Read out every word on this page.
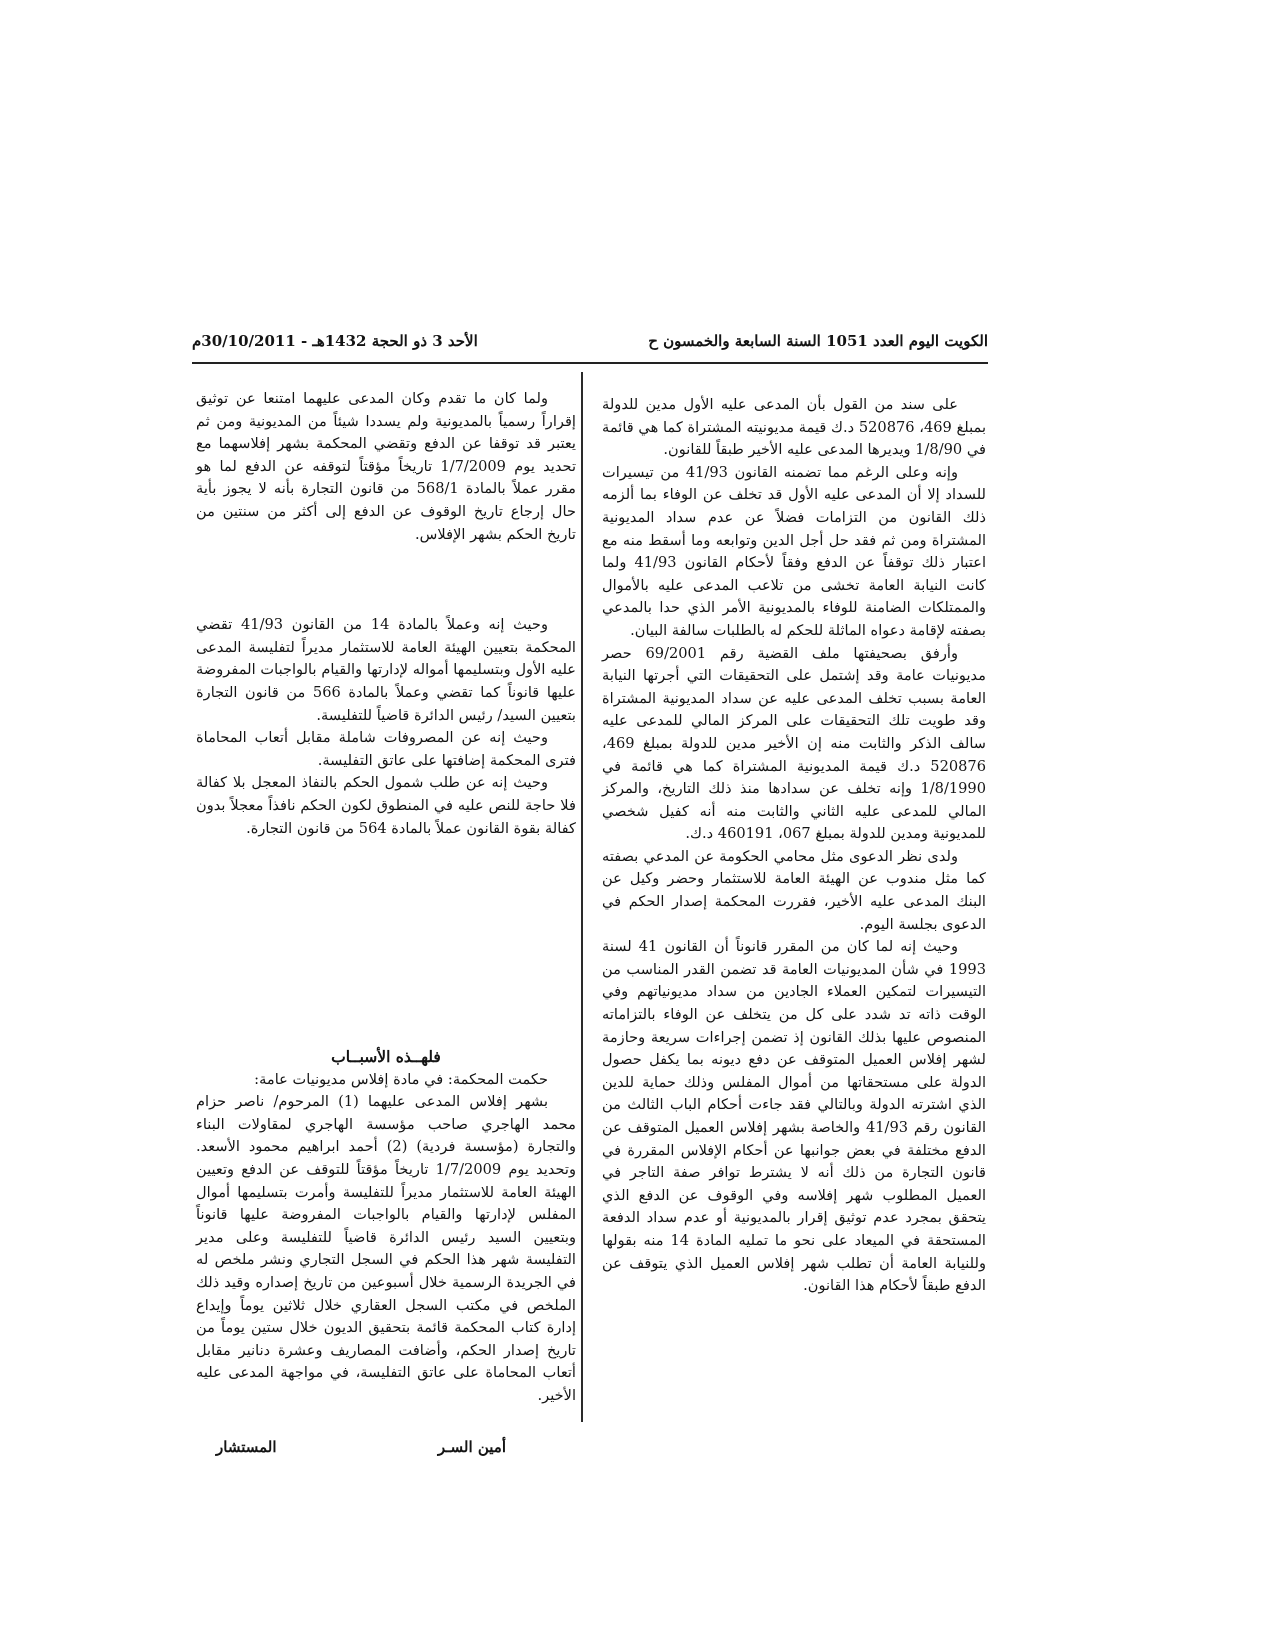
الكويت اليوم العدد 1051 السنة السابعة والخمسون ح
الأحد 3 ذو الحجة 1432هـ - 30/10/2011م

على سند من القول بأن المدعى عليه الأول مدين للدولة بمبلغ 469، 520876 د.ك قيمة مديونيته المشتراة كما هي قائمة في 1/8/90 ويديرها المدعى عليه الأخير طبقاً للقانون.

وإنه وعلى الرغم مما تضمنه القانون 41/93 من تيسيرات للسداد إلا أن المدعى عليه الأول قد تخلف عن الوفاء بما ألزمه ذلك القانون من التزامات فضلاً عن عدم سداد المديونية المشتراة ومن ثم فقد حل أجل الدين وتوابعه وما أسقط منه مع اعتبار ذلك توقفاً عن الدفع وفقاً لأحكام القانون 41/93 ولما كانت النيابة العامة تخشى من تلاعب المدعى عليه بالأموال والممتلكات الضامنة للوفاء بالمديونية الأمر الذي حدا بالمدعي بصفته لإقامة دعواه الماثلة للحكم له بالطلبات سالفة البيان.

وأرفق بصحيفتها ملف القضية رقم 69/2001 حصر مديونيات عامة وقد إشتمل على التحقيقات التي أجرتها النيابة العامة بسبب تخلف المدعى عليه عن سداد المديونية المشتراة وقد طويت تلك التحقيقات على المركز المالي للمدعى عليه سالف الذكر والثابت منه إن الأخير مدين للدولة بمبلغ 469، 520876 د.ك قيمة المديونية المشتراة كما هي قائمة في 1/8/1990 وإنه تخلف عن سدادها منذ ذلك التاريخ، والمركز المالي للمدعى عليه الثاني والثابت منه أنه كفيل شخصي للمديونية ومدين للدولة بمبلغ 067، 460191 د.ك.

ولدى نظر الدعوى مثل محامي الحكومة عن المدعي بصفته كما مثل مندوب عن الهيئة العامة للاستثمار وحضر وكيل عن البنك المدعى عليه الأخير، فقررت المحكمة إصدار الحكم في الدعوى بجلسة اليوم.

وحيث إنه لما كان من المقرر قانوناً أن القانون 41 لسنة 1993 في شأن المديونيات العامة قد تضمن القدر المناسب من التيسيرات لتمكين العملاء الجادين من سداد مديونياتهم وفي الوقت ذاته تد شدد على كل من يتخلف عن الوفاء بالتزاماته المنصوص عليها بذلك القانون إذ تضمن إجراءات سريعة وحازمة لشهر إفلاس العميل المتوقف عن دفع ديونه بما يكفل حصول الدولة على مستحقاتها من أموال المفلس وذلك حماية للدين الذي اشترته الدولة وبالتالي فقد جاءت أحكام الباب الثالث من القانون رقم 41/93 والخاصة بشهر إفلاس العميل المتوقف عن الدفع مختلفة في بعض جوانبها عن أحكام الإفلاس المقررة في قانون التجارة من ذلك أنه لا يشترط توافر صفة التاجر في العميل المطلوب شهر إفلاسه وفي الوقوف عن الدفع الذي يتحقق بمجرد عدم توثيق إقرار بالمديونية أو عدم سداد الدفعة المستحقة في الميعاد على نحو ما تمليه المادة 14 منه بقولها وللنيابة العامة أن تطلب شهر إفلاس العميل الذي يتوقف عن الدفع طبقاً لأحكام هذا القانون.

ولما كان ما تقدم وكان المدعى عليهما امتنعا عن توثيق إقراراً رسمياً بالمديونية ولم يسددا شيئاً من المديونية ومن ثم يعتبر قد توقفا عن الدفع وتقضي المحكمة بشهر إفلاسهما مع تحديد يوم 1/7/2009 تاريخاً مؤقتاً لتوقفه عن الدفع لما هو مقرر عملاً بالمادة 568/1 من قانون التجارة بأنه لا يجوز بأية حال إرجاع تاريخ الوقوف عن الدفع إلى أكثر من سنتين من تاريخ الحكم بشهر الإفلاس.

وحيث إنه وعملاً بالمادة 14 من القانون 41/93 تقضي المحكمة بتعيين الهيئة العامة للاستثمار مديراً لتفليسة المدعى عليه الأول وبتسليمها أمواله لإدارتها والقيام بالواجبات المفروضة عليها قانوناً كما تقضي وعملاً بالمادة 566 من قانون التجارة بتعيين السيد/ رئيس الدائرة قاضياً للتفليسة.

وحيث إنه عن المصروفات شاملة مقابل أتعاب المحاماة فترى المحكمة إضافتها على عاتق التفليسة.

وحيث إنه عن طلب شمول الحكم بالنفاذ المعجل بلا كفالة فلا حاجة للنص عليه في المنطوق لكون الحكم نافذاً معجلاً بدون كفالة بقوة القانون عملاً بالمادة 564 من قانون التجارة.

فلهــذه الأسبــاب

حكمت المحكمة: في مادة إفلاس مديونيات عامة:

بشهر إفلاس المدعى عليهما (1) المرحوم/ ناصر حزام محمد الهاجري صاحب مؤسسة الهاجري لمقاولات البناء والتجارة (مؤسسة فردية) (2) أحمد ابراهيم محمود الأسعد. وتحديد يوم 1/7/2009 تاريخاً مؤقتاً للتوقف عن الدفع وتعيين الهيئة العامة للاستثمار مديراً للتفليسة وأمرت بتسليمها أموال المفلس لإدارتها والقيام بالواجبات المفروضة عليها قانوناً وبتعيين السيد رئيس الدائرة قاضياً للتفليسة وعلى مدير التفليسة شهر هذا الحكم في السجل التجاري ونشر ملخص له في الجريدة الرسمية خلال أسبوعين من تاريخ إصداره وقيد ذلك الملخص في مكتب السجل العقاري خلال ثلاثين يوماً وإيداع إدارة كتاب المحكمة قائمة بتحقيق الديون خلال ستين يوماً من تاريخ إصدار الحكم، وأضافت المصاريف وعشرة دنانير مقابل أتعاب المحاماة على عاتق التفليسة، في مواجهة المدعى عليه الأخير.

أمين السـر
المستشار
